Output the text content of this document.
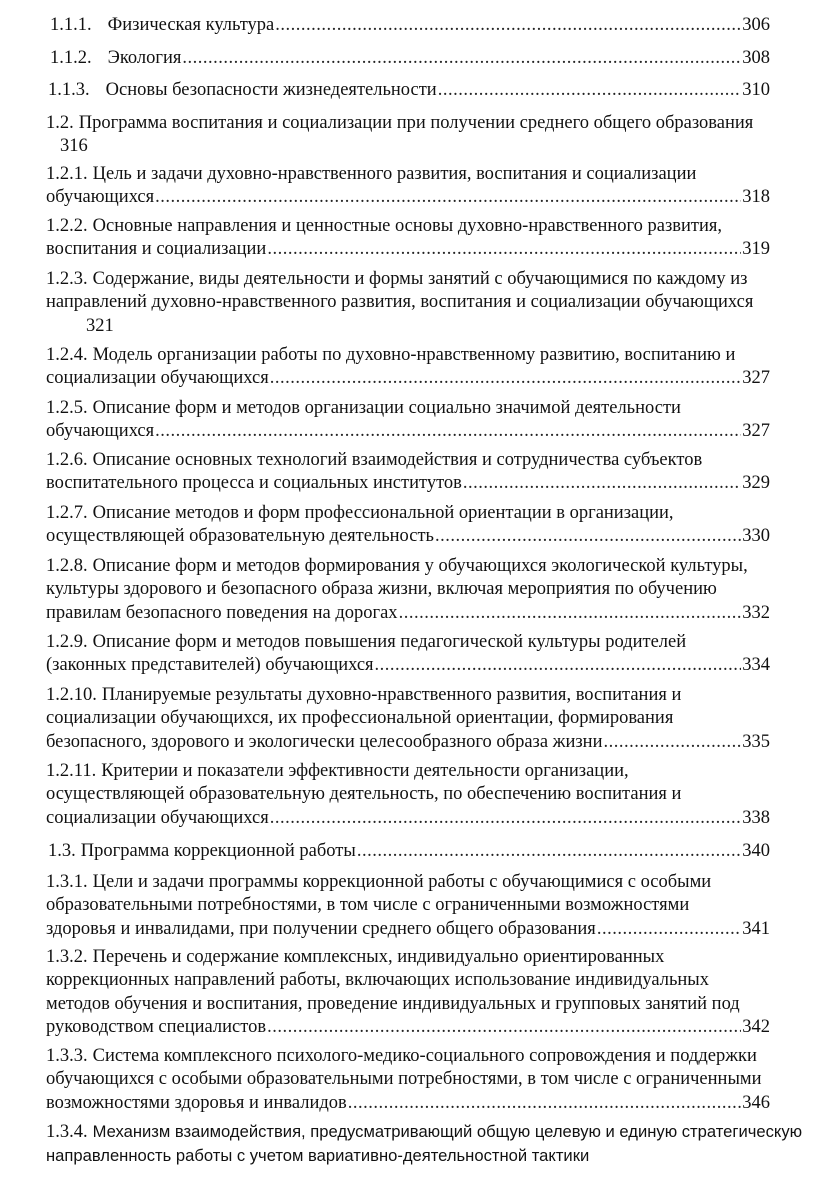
1.1.1. Физическая культура .....	306
1.1.2. Экология .....	308
1.1.3. Основы безопасности жизнедеятельности .....	310
1.2. Программа воспитания и социализации при получении среднего общего образования
316
1.2.1. Цель и задачи духовно-нравственного развития, воспитания и социализации
обучающихся .....	318
1.2.2. Основные направления и ценностные основы духовно-нравственного развития,
воспитания и социализации .....	319
1.2.3. Содержание, виды деятельности и формы занятий с обучающимися по каждому из
направлений духовно-нравственного развития, воспитания и социализации обучающихся
321
1.2.4. Модель организации работы по духовно-нравственному развитию, воспитанию и
социализации обучающихся .....	327
1.2.5. Описание форм и методов организации социально значимой деятельности
обучающихся .....	327
1.2.6. Описание основных технологий взаимодействия и сотрудничества субъектов
воспитательного процесса и социальных институтов .....	329
1.2.7. Описание методов и форм профессиональной ориентации в организации,
осуществляющей образовательную деятельность .....	330
1.2.8. Описание форм и методов формирования у обучающихся экологической культуры,
культуры здорового и безопасного образа жизни, включая мероприятия по обучению
правилам безопасного поведения на дорогах .....	332
1.2.9. Описание форм и методов повышения педагогической культуры родителей
(законных представителей) обучающихся .....	334
1.2.10. Планируемые результаты духовно-нравственного развития, воспитания и
социализации обучающихся, их профессиональной ориентации, формирования
безопасного, здорового и экологически целесообразного образа жизни .....	335
1.2.11. Критерии и показатели эффективности деятельности организации,
осуществляющей образовательную деятельность, по обеспечению воспитания и
социализации обучающихся .....	338
1.3. Программа коррекционной работы .....	340
1.3.1. Цели и задачи программы коррекционной работы с обучающимися с особыми
образовательными потребностями, в том числе с ограниченными возможностями
здоровья и инвалидами, при получении среднего общего образования .....	341
1.3.2. Перечень и содержание комплексных, индивидуально ориентированных
коррекционных направлений работы, включающих использование индивидуальных
методов обучения и воспитания, проведение индивидуальных и групповых занятий под
руководством специалистов .....	342
1.3.3. Система комплексного психолого-медико-социального сопровождения и поддержки
обучающихся с особыми образовательными потребностями, в том числе с ограниченными
возможностями здоровья и инвалидов .....	346
1.3.4. Механизм взаимодействия, предусматривающий общую целевую и единую стратегическую
направленность работы с учетом вариативно-деятельностной тактики
